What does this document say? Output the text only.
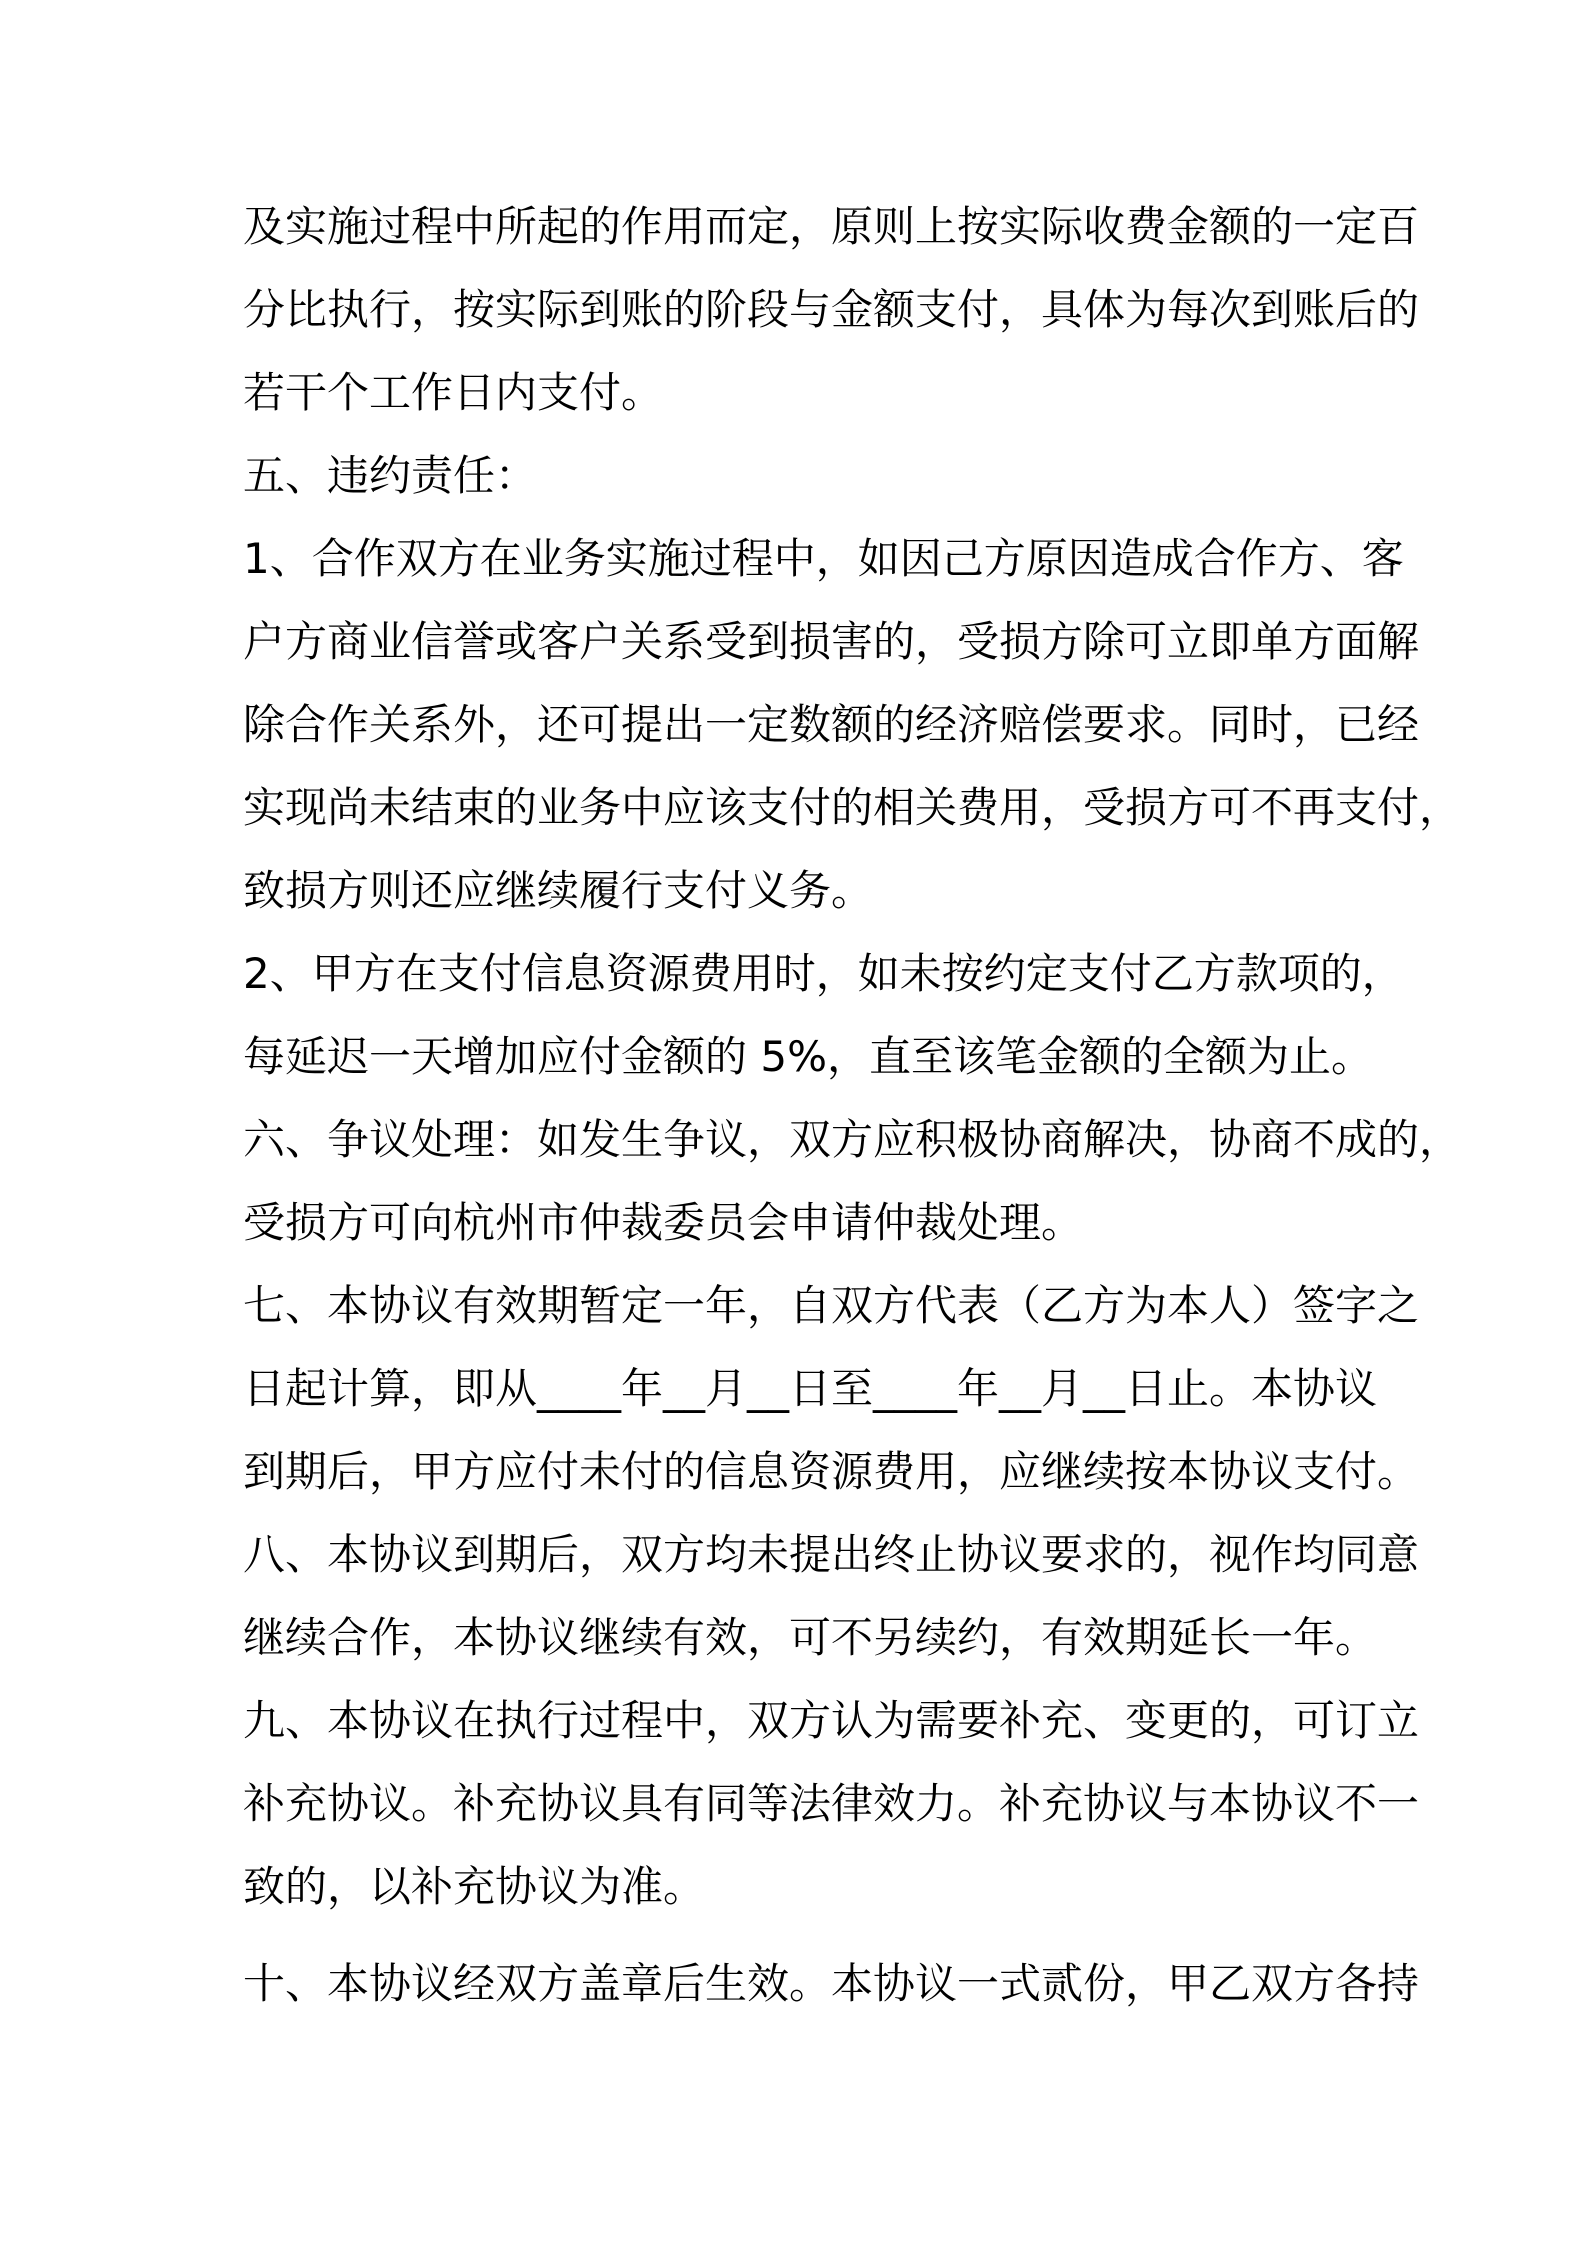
及实施过程中所起的作用而定，原则上按实际收费金额的一定百

分比执行，按实际到账的阶段与金额支付，具体为每次到账后的

若干个工作日内支付。

五、违约责任：

1、合作双方在业务实施过程中，如因己方原因造成合作方、客

户方商业信誉或客户关系受到损害的，受损方除可立即单方面解

除合作关系外，还可提出一定数额的经济赔偿要求。同时，已经

实现尚未结束的业务中应该支付的相关费用，受损方可不再支付，

致损方则还应继续履行支付义务。

2、甲方在支付信息资源费用时，如未按约定支付乙方款项的，

每延迟一天增加应付金额的 5%，直至该笔金额的全额为止。

六、争议处理：如发生争议，双方应积极协商解决，协商不成的，

受损方可向杭州市仲裁委员会申请仲裁处理。

七、本协议有效期暂定一年，自双方代表（乙方为本人）签字之

日起计算，即从____年__月__日至____年__月__日止。本协议

到期后，甲方应付未付的信息资源费用，应继续按本协议支付。

八、本协议到期后，双方均未提出终止协议要求的，视作均同意

继续合作，本协议继续有效，可不另续约，有效期延长一年。

九、本协议在执行过程中，双方认为需要补充、变更的，可订立

补充协议。补充协议具有同等法律效力。补充协议与本协议不一

致的，以补充协议为准。

十、本协议经双方盖章后生效。本协议一式贰份，甲乙双方各持
